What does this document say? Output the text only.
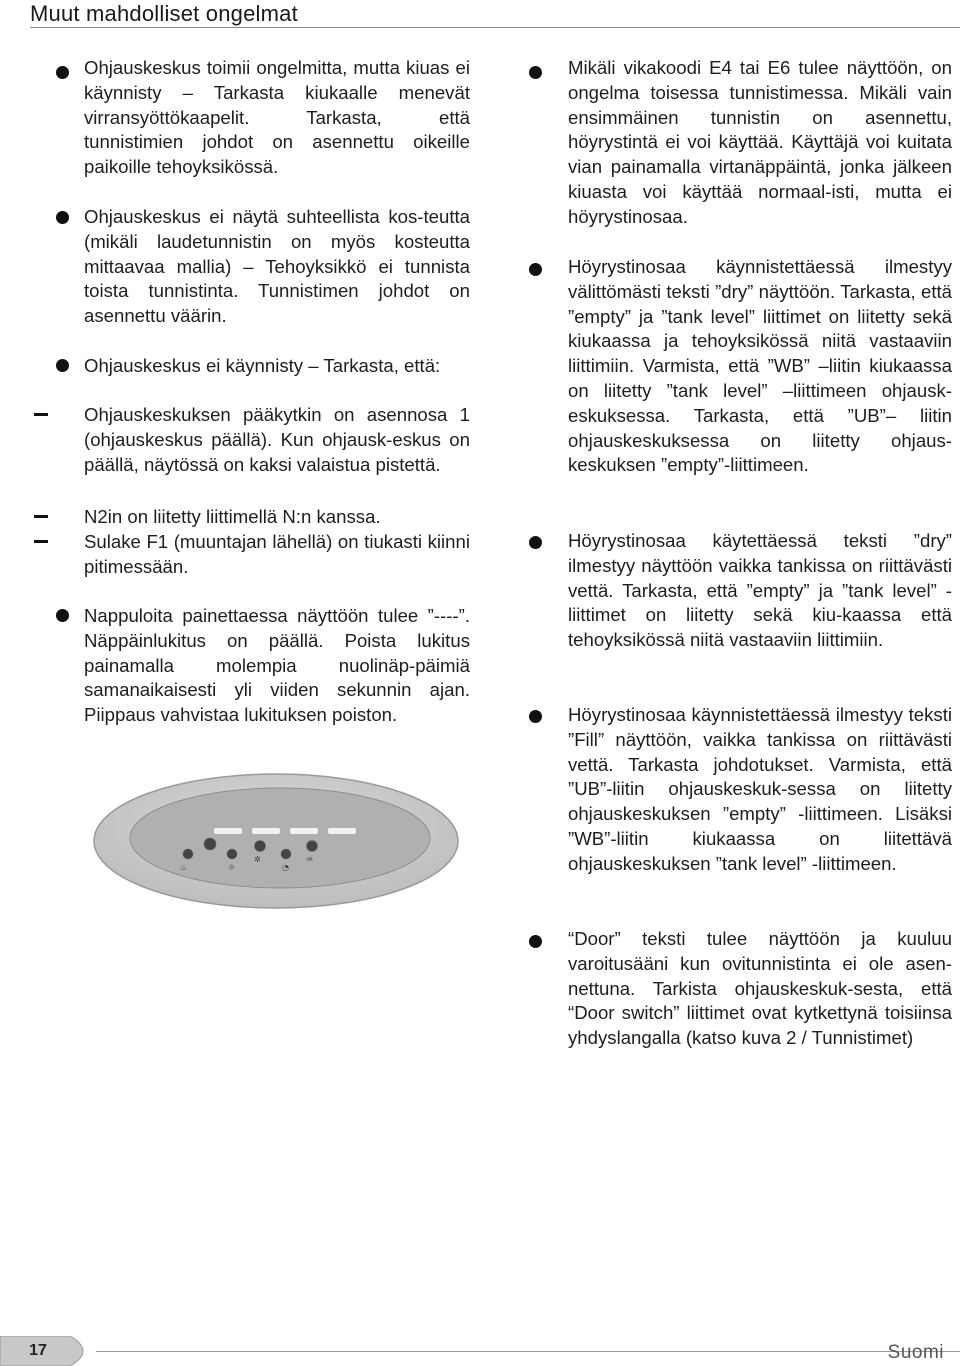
Muut mahdolliset ongelmat

Ohjauskeskus toimii ongelmitta, mutta kiuas ei käynnisty – Tarkasta kiukaalle menevät virransyöttökaapelit. Tarkasta, että tunnistimien johdot on asennettu oikeille paikoille tehoyksikössä.

Ohjauskeskus ei näytä suhteellista kos-teutta (mikäli laudetunnistin on myös kosteutta mittaavaa mallia) – Tehoyksikkö ei tunnista toista tunnistinta. Tunnistimen johdot on asennettu väärin.

Ohjauskeskus ei käynnisty – Tarkasta, että:

Ohjauskeskuksen pääkytkin on asennosa 1 (ohjauskeskus päällä). Kun ohjausk-eskus on päällä, näytössä on kaksi valaistua pistettä.

N2in on liitetty liittimellä N:n kanssa.

Sulake F1 (muuntajan lähellä) on tiukasti kiinni pitimessään.

Nappuloita painettaessa näyttöön tulee ”----”. Näppäinlukitus on päällä. Poista lukitus painamalla molempia nuolinäp-päimiä samanaikaisesti yli viiden sekunnin ajan. Piippaus vahvistaa lukituksen poiston.

♨	☼
✲
◔
♒

Mikäli vikakoodi E4 tai E6 tulee näyttöön, on ongelma toisessa tunnistimessa. Mikäli vain ensimmäinen tunnistin on asennettu, höyrystintä ei voi käyttää. Käyttäjä voi kuitata vian painamalla virtanäppäintä, jonka jälkeen kiuasta voi käyttää normaal-isti, mutta ei höyrystinosaa.

Höyrystinosaa käynnistettäessä ilmestyy välittömästi teksti ”dry” näyttöön. Tarkasta, että ”empty” ja ”tank level” liittimet on liitetty sekä kiukaassa ja tehoyksikössä niitä vastaaviin liittimiin. Varmista, että ”WB” –liitin kiukaassa on liitetty ”tank level” –liittimeen ohjausk-eskuksessa. Tarkasta, että ”UB”– liitin ohjauskeskuksessa on liitetty ohjaus-keskuksen ”empty”-liittimeen.

Höyrystinosaa käytettäessä teksti ”dry” ilmestyy näyttöön vaikka tankissa on riittävästi vettä. Tarkasta, että ”empty” ja ”tank level” -liittimet on liitetty sekä kiu-kaassa että tehoyksikössä niitä vastaaviin liittimiin.

Höyrystinosaa käynnistettäessä ilmestyy teksti ”Fill” näyttöön, vaikka tankissa on riittävästi vettä. Tarkasta johdotukset. Varmista, että ”UB”-liitin ohjauskeskuk-sessa on liitetty ohjauskeskuksen ”empty” -liittimeen. Lisäksi ”WB”-liitin kiukaassa on liitettävä ohjauskeskuksen ”tank level” -liittimeen.

“Door” teksti tulee näyttöön ja kuuluu varoitusääni kun ovitunnistinta ei ole asen-nettuna. Tarkista ohjauskeskuk-sesta, että “Door switch” liittimet ovat kytkettynä toisiinsa yhdyslangalla (katso kuva 2 / Tunnistimet)

17	Suomi
